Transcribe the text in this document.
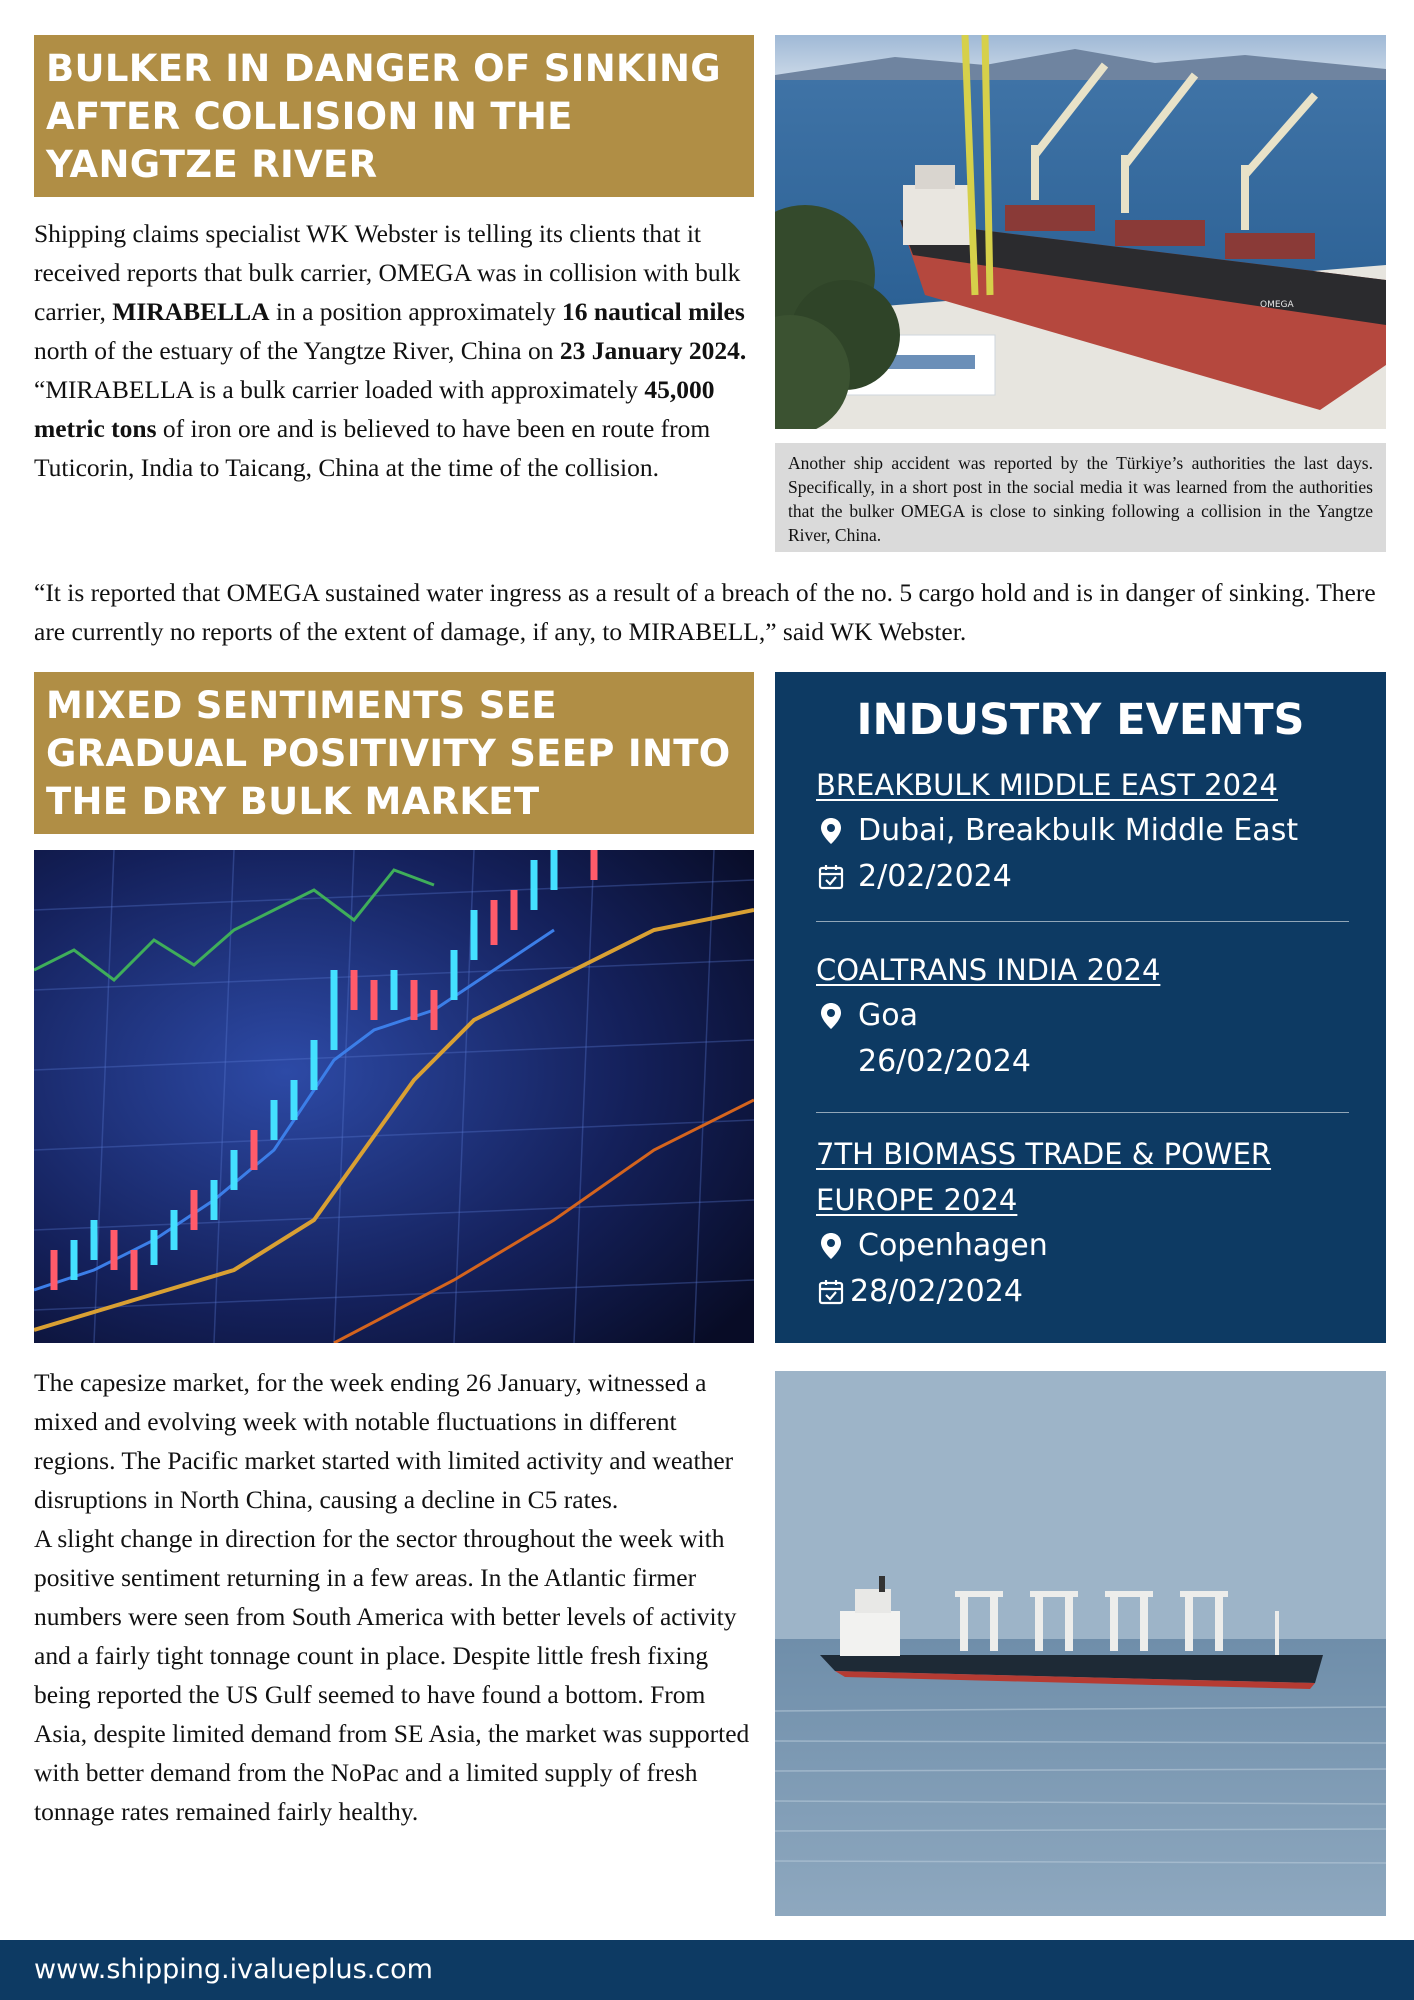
BULKER IN DANGER OF SINKING AFTER COLLISION IN THE YANGTZE RIVER
Shipping claims specialist WK Webster is telling its clients that it received reports that bulk carrier, OMEGA was in collision with bulk carrier, MIRABELLA in a position approximately 16 nautical miles north of the estuary of the Yangtze River, China on 23 January 2024.
“MIRABELLA is a bulk carrier loaded with approximately 45,000 metric tons of iron ore and is believed to have been en route from Tuticorin, India to Taicang, China at the time of the collision.
OMEGA
Another ship accident was reported by the Türkiye’s authorities the last days. Specifically, in a short post in the social media it was learned from the authorities that the bulker OMEGA is close to sinking following a collision in the Yangtze River, China.
“It is reported that OMEGA sustained water ingress as a result of a breach of the no. 5 cargo hold and is in danger of sinking. There are currently no reports of the extent of damage, if any, to MIRABELL,” said WK Webster.
MIXED SENTIMENTS SEE GRADUAL POSITIVITY SEEP INTO THE DRY BULK MARKET
The capesize market, for the week ending 26 January, witnessed a mixed and evolving week with notable fluctuations in different regions. The Pacific market started with limited activity and weather disruptions in North China, causing a decline in C5 rates.
A slight change in direction for the sector throughout the week with positive sentiment returning in a few areas. In the Atlantic firmer numbers were seen from South America with better levels of activity and a fairly tight tonnage count in place. Despite little fresh fixing being reported the US Gulf seemed to have found a bottom. From Asia, despite limited demand from SE Asia, the market was supported with better demand from the NoPac and a limited supply of fresh tonnage rates remained fairly healthy.
INDUSTRY EVENTS
BREAKBULK MIDDLE EAST 2024
Dubai, Breakbulk Middle East
2/02/2024
COALTRANS INDIA 2024
Goa
26/02/2024
7TH BIOMASS TRADE & POWER
EUROPE 2024
Copenhagen
28/02/2024
www.shipping.ivalueplus.com
